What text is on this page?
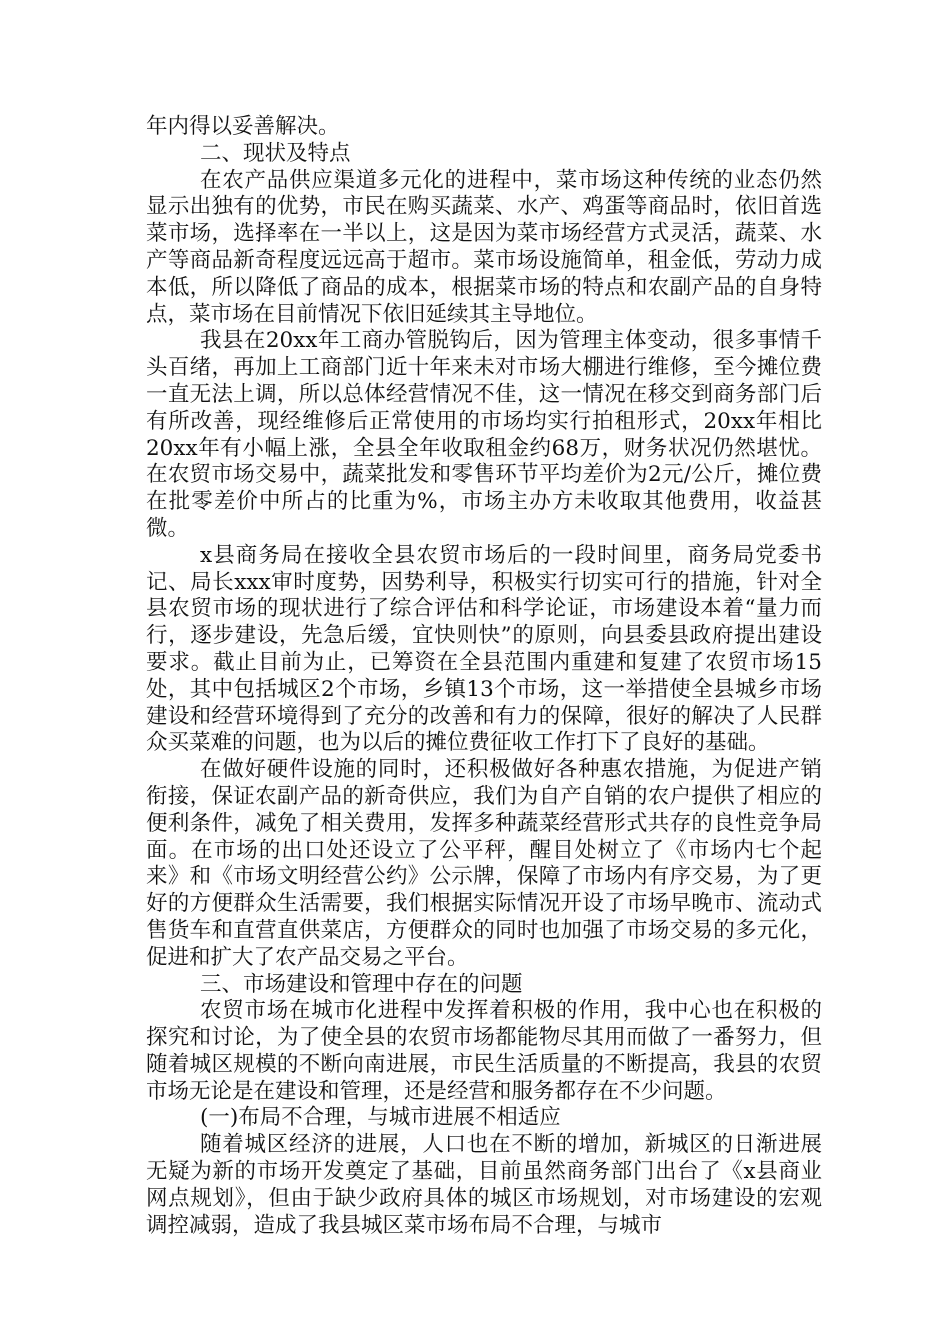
年内得以妥善解决。

二、现状及特点

在农产品供应渠道多元化的进程中，菜市场这种传统的业态仍然显示出独有的优势，市民在购买蔬菜、水产、鸡蛋等商品时，依旧首选菜市场，选择率在一半以上，这是因为菜市场经营方式灵活，蔬菜、水产等商品新奇程度远远高于超市。菜市场设施简单，租金低，劳动力成本低，所以降低了商品的成本，根据菜市场的特点和农副产品的自身特点，菜市场在目前情况下依旧延续其主导地位。

我县在20xx年工商办管脱钩后，因为管理主体变动，很多事情千头百绪，再加上工商部门近十年来未对市场大棚进行维修，至今摊位费一直无法上调，所以总体经营情况不佳，这一情况在移交到商务部门后有所改善，现经维修后正常使用的市场均实行拍租形式，20xx年相比20xx年有小幅上涨，全县全年收取租金约68万，财务状况仍然堪忧。在农贸市场交易中，蔬菜批发和零售环节平均差价为2元/公斤，摊位费在批零差价中所占的比重为%，市场主办方未收取其他费用，收益甚微。

x县商务局在接收全县农贸市场后的一段时间里，商务局党委书记、局长xxx审时度势，因势利导，积极实行切实可行的措施，针对全县农贸市场的现状进行了综合评估和科学论证，市场建设本着“量力而行，逐步建设，先急后缓，宜快则快”的原则，向县委县政府提出建设要求。截止目前为止，已筹资在全县范围内重建和复建了农贸市场15处，其中包括城区2个市场，乡镇13个市场，这一举措使全县城乡市场建设和经营环境得到了充分的改善和有力的保障，很好的解决了人民群众买菜难的问题，也为以后的摊位费征收工作打下了良好的基础。

在做好硬件设施的同时，还积极做好各种惠农措施，为促进产销衔接，保证农副产品的新奇供应，我们为自产自销的农户提供了相应的便利条件，减免了相关费用，发挥多种蔬菜经营形式共存的良性竞争局面。在市场的出口处还设立了公平秤，醒目处树立了《市场内七个起来》和《市场文明经营公约》公示牌，保障了市场内有序交易，为了更好的方便群众生活需要，我们根据实际情况开设了市场早晚市、流动式售货车和直营直供菜店，方便群众的同时也加强了市场交易的多元化，促进和扩大了农产品交易之平台。

三、市场建设和管理中存在的问题

农贸市场在城市化进程中发挥着积极的作用，我中心也在积极的探究和讨论，为了使全县的农贸市场都能物尽其用而做了一番努力，但随着城区规模的不断向南进展，市民生活质量的不断提高，我县的农贸市场无论是在建设和管理，还是经营和服务都存在不少问题。

(一)布局不合理，与城市进展不相适应

随着城区经济的进展，人口也在不断的增加，新城区的日渐进展无疑为新的市场开发奠定了基础，目前虽然商务部门出台了《x县商业网点规划》，但由于缺少政府具体的城区市场规划，对市场建设的宏观调控减弱，造成了我县城区菜市场布局不合理，与城市
